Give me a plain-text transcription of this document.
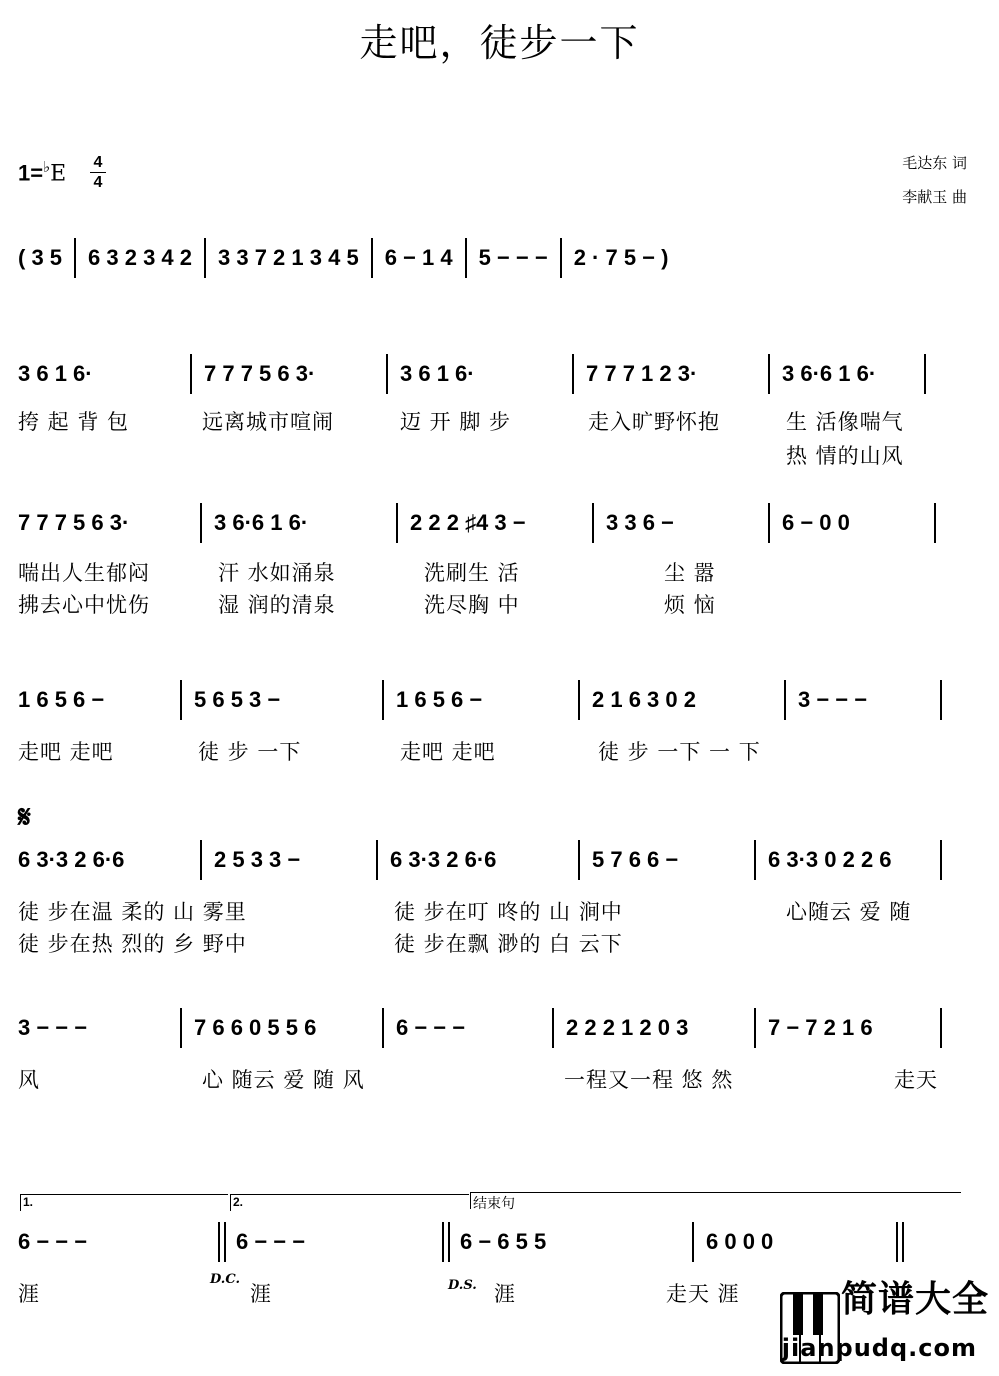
走吧，徒步一下
1=♭E 4
4
毛达东 词
李献玉 曲
( 3 5 6 3 2 3 4 2 3 3 7 2 1 3 4 5 6 − 1 4 5 − − − 2 · 7 5 − )
3 6 1 6·	7 7 7 5 6 3·	3 6 1 6·	7 7 7 1 2 3·	3 6·6 1 6·
挎 起 背 包	远离城市喧闹	迈 开 脚 步	走入旷野怀抱	生 活像喘气
热 情的山风
7 7 7 5 6 3·	3 6·6 1 6·	2 2 2 ♯4 3 −	3 3 6 −	6 − 0 0
喘出人生郁闷	汗 水如涌泉	洗刷生 活	尘 嚣
拂去心中忧伤	湿 润的清泉	洗尽胸 中	烦 恼
1 6 5 6 −	5 6 5 3 −	1 6 5 6 −	2 1 6 3 0 2	3 − − −
走吧 走吧	徒 步 一下	走吧 走吧	徒 步 一下 一 下
𝄋
6 3·3 2 6·6	2 5 3 3 −	6 3·3 2 6·6	5 7 6 6 −	6 3·3 0 2 2 6
徒 步在温 柔的 山 雾里	徒 步在叮 咚的 山 涧中	心随云 爱 随
徒 步在热 烈的 乡 野中	徒 步在飘 渺的 白 云下
3 − − −	7 6 6 0 5 5 6	6 − − −	2 2 2 1 2 0 3	7 − 7 2 1 6
风	心 随云 爱 随 风	一程又一程 悠 然	走天
1.	2.	结束句
6 − − −	6 − − −	6 − 6 5 5	6 0 0 0
涯	涯	涯	走天 涯
D.C.	D.S.	简谱大全
jianpudq.com
